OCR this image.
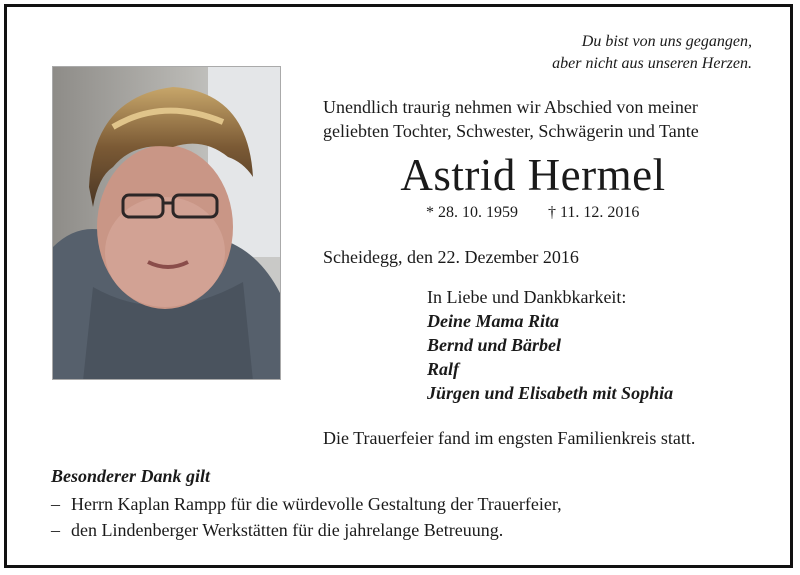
Du bist von uns gegangen,
aber nicht aus unseren Herzen.
Unendlich traurig nehmen wir Abschied von meiner
geliebten Tochter, Schwester, Schwägerin und Tante
Astrid Hermel
* 28. 10. 1959 † 11. 12. 2016
Scheidegg, den 22. Dezember 2016
In Liebe und Dankbkarkeit:
Deine Mama Rita
Bernd und Bärbel
Ralf
Jürgen und Elisabeth mit Sophia
Die Trauerfeier fand im engsten Familienkreis statt.
Besonderer Dank gilt
– Herrn Kaplan Rampp für die würdevolle Gestaltung der Trauerfeier,
– den Lindenberger Werkstätten für die jahrelange Betreuung.
